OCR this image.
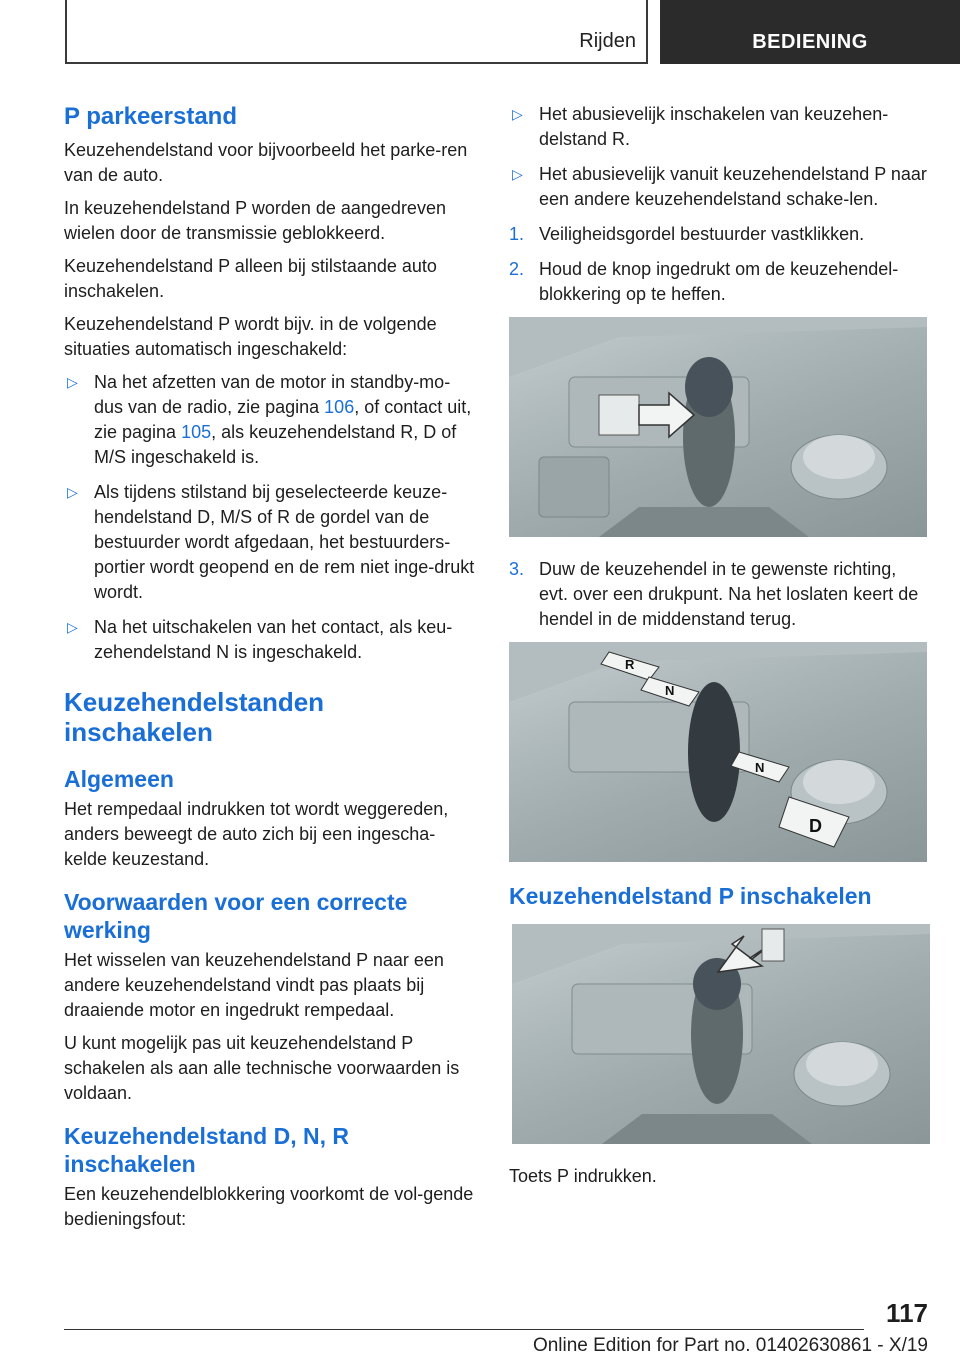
Rijden	BEDIENING
P parkeerstand

Keuzehendelstand voor bijvoorbeeld het parke-ren van de auto.

In keuzehendelstand P worden de aangedreven wielen door de transmissie geblokkeerd.

Keuzehendelstand P alleen bij stilstaande auto inschakelen.

Keuzehendelstand P wordt bijv. in de volgende situaties automatisch ingeschakeld:

▷ Na het afzetten van de motor in standby-mo-dus van de radio, zie pagina 106, of contact uit, zie pagina 105, als keuzehendelstand R, D of M/S ingeschakeld is.
▷ Als tijdens stilstand bij geselecteerde keuze-hendelstand D, M/S of R de gordel van de bestuurder wordt afgedaan, het bestuurders-portier wordt geopend en de rem niet inge-drukt wordt.
▷ Na het uitschakelen van het contact, als keu-zehendelstand N is ingeschakeld.
Keuzehendelstanden inschakelen
Algemeen

Het rempedaal indrukken tot wordt weggereden, anders beweegt de auto zich bij een ingescha-kelde keuzestand.

Voorwaarden voor een correcte werking

Het wisselen van keuzehendelstand P naar een andere keuzehendelstand vindt pas plaats bij draaiende motor en ingedrukt rempedaal.

U kunt mogelijk pas uit keuzehendelstand P schakelen als aan alle technische voorwaarden is voldaan.

Keuzehendelstand D, N, R inschakelen

Een keuzehendelblokkering voorkomt de vol-gende bedieningsfout:

▷ Het abusievelijk inschakelen van keuzehen-delstand R.
▷ Het abusievelijk vanuit keuzehendelstand P naar een andere keuzehendelstand schake-len.
1. Veiligheidsgordel bestuurder vastklikken.
2. Houd de knop ingedrukt om de keuzehendel-blokkering op te heffen.
3. Duw de keuzehendel in te gewenste richting, evt. over een drukpunt. Na het loslaten keert de hendel in de middenstand terug.
R
N
N
D
Keuzehendelstand P inschakelen

Toets P indrukken.

117
Online Edition for Part no. 01402630861 - X/19
